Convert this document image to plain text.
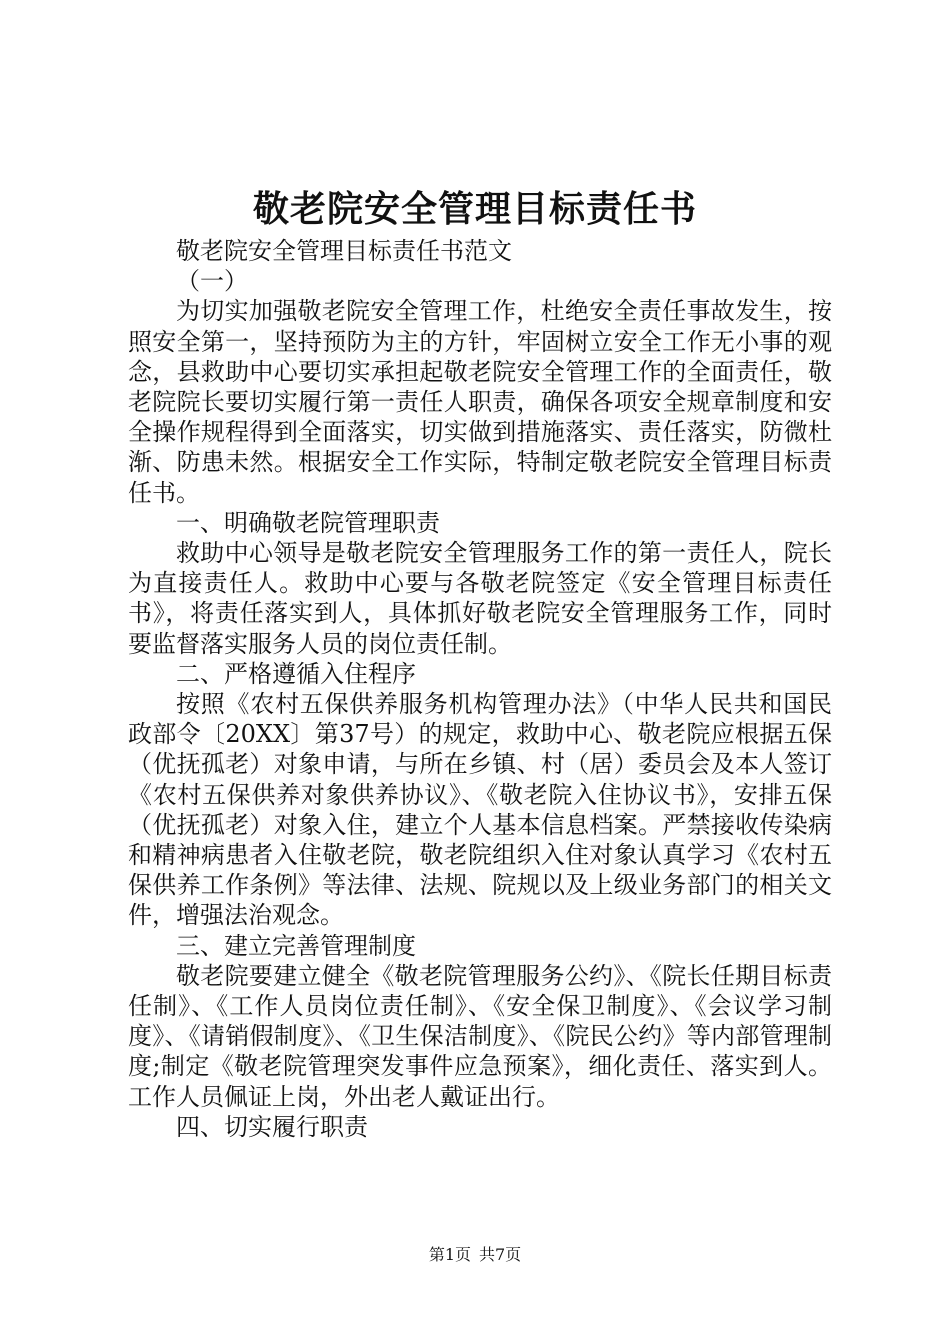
敬老院安全管理目标责任书

敬老院安全管理目标责任书范文

（一）

为切实加强敬老院安全管理工作，杜绝安全责任事故发生，按照安全第一，坚持预防为主的方针，牢固树立安全工作无小事的观念，县救助中心要切实承担起敬老院安全管理工作的全面责任，敬老院院长要切实履行第一责任人职责，确保各项安全规章制度和安全操作规程得到全面落实，切实做到措施落实、责任落实，防微杜渐、防患未然。根据安全工作实际，特制定敬老院安全管理目标责任书。

一、明确敬老院管理职责

救助中心领导是敬老院安全管理服务工作的第一责任人，院长为直接责任人。救助中心要与各敬老院签定《安全管理目标责任书》，将责任落实到人，具体抓好敬老院安全管理服务工作，同时要监督落实服务人员的岗位责任制。

二、严格遵循入住程序

按照《农村五保供养服务机构管理办法》（中华人民共和国民政部令〔20XX〕第37号）的规定，救助中心、敬老院应根据五保（优抚孤老）对象申请，与所在乡镇、村（居）委员会及本人签订《农村五保供养对象供养协议》、《敬老院入住协议书》，安排五保（优抚孤老）对象入住，建立个人基本信息档案。严禁接收传染病和精神病患者入住敬老院，敬老院组织入住对象认真学习《农村五保供养工作条例》等法律、法规、院规以及上级业务部门的相关文件，增强法治观念。

三、建立完善管理制度

敬老院要建立健全《敬老院管理服务公约》、《院长任期目标责任制》、《工作人员岗位责任制》、《安全保卫制度》、《会议学习制度》、《请销假制度》、《卫生保洁制度》、《院民公约》等内部管理制度;制定《敬老院管理突发事件应急预案》，细化责任、落实到人。工作人员佩证上岗，外出老人戴证出行。

四、切实履行职责

第1页 共7页
